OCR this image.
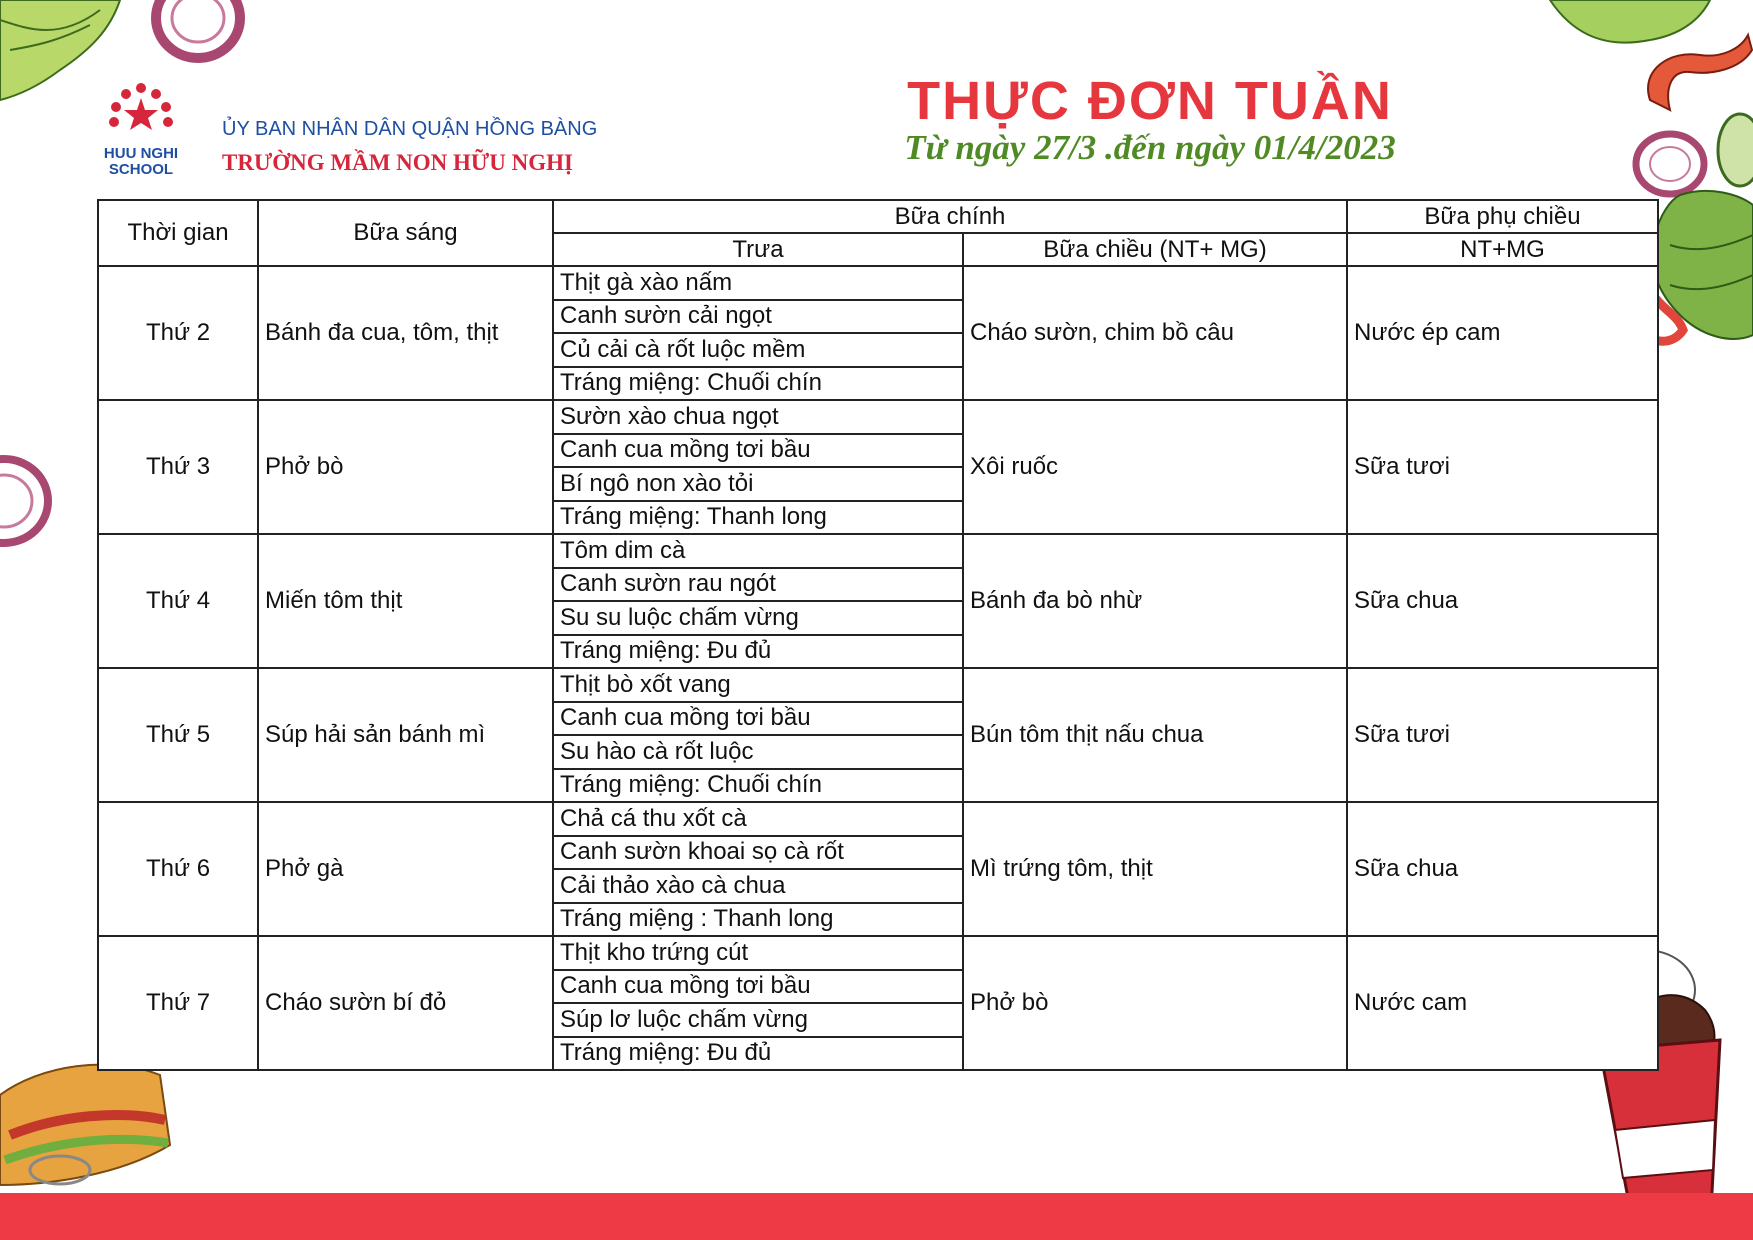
HUU NGHI
SCHOOL
ỦY BAN NHÂN DÂN QUẬN HỒNG BÀNG
TRƯỜNG MẦM NON HỮU NGHỊ
THỰC ĐƠN TUẦN
Từ ngày 27/3 .đến ngày 01/4/2023
Thời gian	Bữa sáng	Bữa chính		Bữa phụ chiều
		Trưa	Bữa chiều (NT+ MG)	NT+MG
Thứ 2	Bánh đa cua, tôm, thịt	Thịt gà xào nấm	Cháo sườn, chim bồ câu	Nước ép cam
		Canh sườn cải ngọt		
		Củ cải cà rốt luộc mềm		
		Tráng miệng: Chuối chín		
Thứ 3	Phở bò	Sườn xào chua ngọt	Xôi ruốc	Sữa tươi
		Canh cua mồng tơi bầu		
		Bí ngô non xào tỏi		
		Tráng miệng: Thanh long		
Thứ 4	Miến tôm thịt	Tôm dim cà	Bánh đa bò nhừ	Sữa chua
		Canh sườn rau ngót		
		Su su luộc chấm vừng		
		Tráng miệng: Đu đủ		
Thứ 5	Súp hải sản bánh mì	Thịt bò xốt vang	Bún tôm thịt nấu chua	Sữa tươi
		Canh cua mồng tơi bầu		
		Su hào cà rốt luộc		
		Tráng miệng: Chuối chín		
Thứ 6	Phở gà	Chả cá thu xốt cà	Mì trứng tôm, thịt	Sữa chua
		Canh sườn khoai sọ cà rốt		
		Cải thảo xào cà chua		
		Tráng miệng : Thanh long		
Thứ 7	Cháo sườn bí đỏ	Thịt kho trứng cút	Phở bò	Nước cam
		Canh cua mồng tơi bầu		
		Súp lơ luộc chấm vừng		
		Tráng miệng: Đu đủ		
